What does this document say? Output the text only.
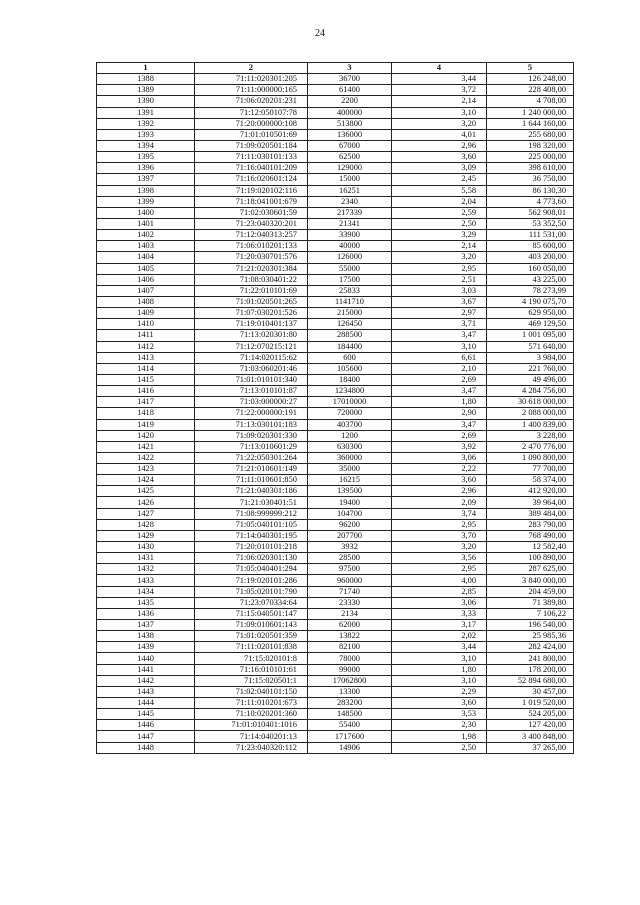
24
1	2	3	4	5
1388	71:11:020301:205	36700	3,44	126 248,00
1389	71:11:000000:165	61400	3,72	228 408,00
1390	71:06:020201:231	2200	2,14	4 708,00
1391	71:12:050107:78	400000	3,10	1 240 000,00
1392	71:20:000000:108	513800	3,20	1 644 160,00
1393	71:01:010501:69	136000	4,01	255 680,00
1394	71:09:020501:184	67000	2,96	198 320,00
1395	71:11:030101:133	62500	3,60	225 000,00
1396	71:16:040101:209	129000	3,09	398 610,00
1397	71:16:020601:124	15000	2,45	36 750,00
1398	71:19:020102:116	16251	5,58	86 130,30
1399	71:18:041001:679	2340	2,04	4 773,60
1400	71:02:030601:59	217339	2,59	562 908,01
1401	71:23:040320:201	21341	2,50	53 352,50
1402	71:12:040313:257	33900	3,29	111 531,00
1403	71:06:010201:133	40000	2,14	85 600,00
1404	71:20:030701:576	126000	3,20	403 200,00
1405	71:21:020301:384	55000	2,95	160 050,00
1406	71:08:030401:22	17500	2,51	43 225,00
1407	71:22:010101:69	25833	3,03	78 273,99
1408	71:01:020501:265	1141710	3,67	4 190 075,70
1409	71:07:030201:526	215000	2,97	629 950,00
1410	71:19:010401:137	126450	3,71	469 129,50
1411	71:13:020301:80	288500	3,47	1 001 095,00
1412	71:12:070215:121	184400	3,10	571 640,00
1413	71:14:020115:62	600	6,61	3 984,00
1414	71:03:060201:46	105600	2,10	221 760,00
1415	71:01:010101:340	18400	2,69	49 496,00
1416	71:13:010101:87	1234800	3,47	4 284 756,00
1417	71:03:000000:27	17010000	1,80	30 618 000,00
1418	71:22:000000:191	720000	2,90	2 088 000,00
1419	71:13:030101:183	403700	3,47	1 400 839,00
1420	71:09:020301:330	1200	2,69	3 228,00
1421	71:13:010601:29	630300	3,92	2 470 776,00
1422	71:22:050301:264	360000	3,06	1 090 800,00
1423	71:21:010601:149	35000	2,22	77 700,00
1424	71:11:010601:850	16215	3,60	58 374,00
1425	71:21:040301:186	139500	2,96	412 920,00
1426	71:21:030401:51	19400	2,09	39 964,00
1427	71:08:999999:212	104700	3,74	389 484,00
1428	71:05:040101:105	96200	2,95	283 790,00
1429	71:14:040301:195	207700	3,70	768 490,00
1430	71:20:010101:218	3932	3,20	12 582,40
1431	71:06:020301:130	28500	3,56	100 890,00
1432	71:05:040401:294	97500	2,95	287 625,00
1433	71:19:020101:286	960000	4,00	3 840 000,00
1434	71:05:020101:790	71740	2,85	204 459,00
1435	71:23:070334:64	23330	3,06	71 389,80
1436	71:15:040501:147	2134	3,33	7 106,22
1437	71:09:010601:143	62000	3,17	196 540,00
1438	71:01:020501:359	13822	2,02	25 985,36
1439	71:11:020101:838	82100	3,44	282 424,00
1440	71:15:020101:8	78000	3,10	241 800,00
1441	71:16:010101:61	99000	1,80	178 200,00
1442	71:15:020501:1	17062800	3,10	52 894 680,00
1443	71:02:040101:150	13300	2,29	30 457,00
1444	71:11:010201:673	283200	3,60	1 019 520,00
1445	71:10:020201:360	148500	3,53	524 205,00
1446	71:01:010401:1016	55400	2,30	127 420,00
1447	71:14:040201:13	1717600	1,98	3 400 848,00
1448	71:23:040320:112	14906	2,50	37 265,00
